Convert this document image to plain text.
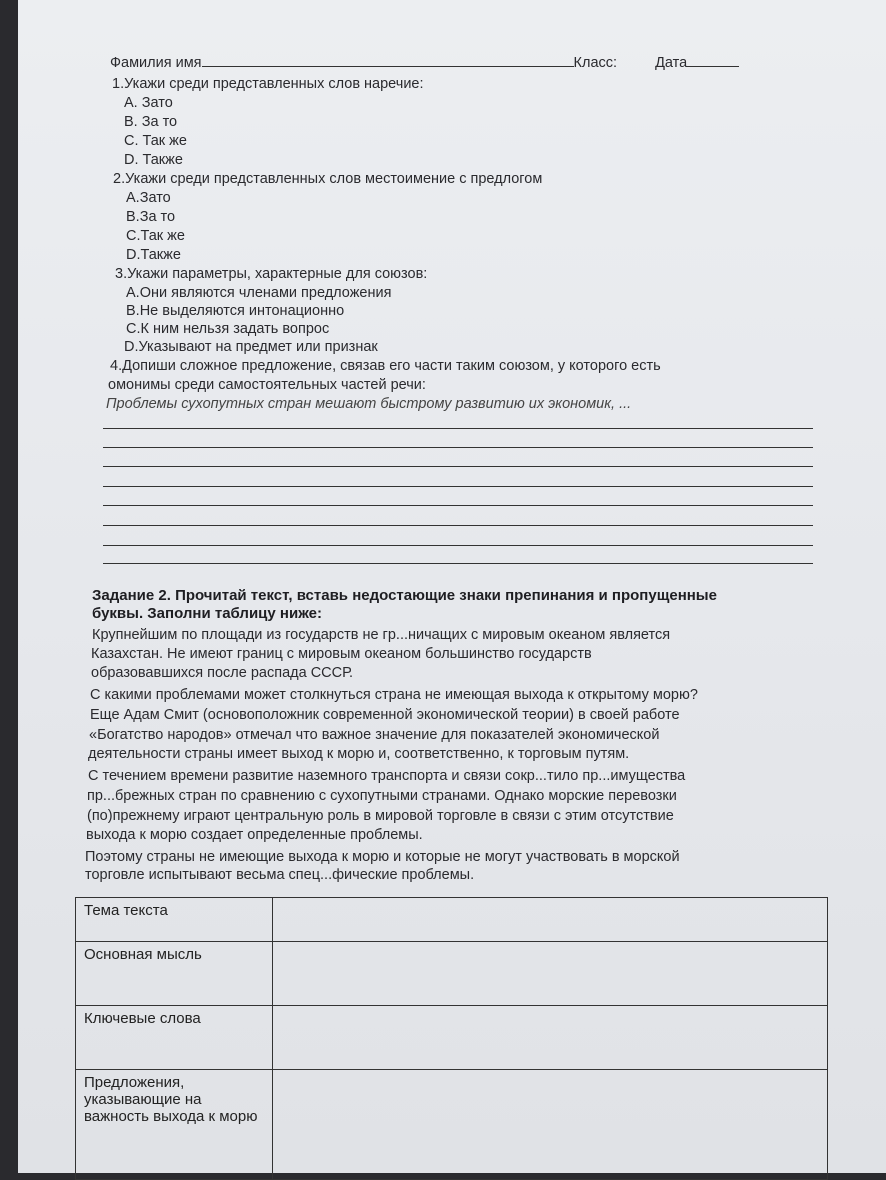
Фамилия имя	Класс:	Дата
1.Укажи среди представленных слов наречие:
A. Зато
B. За то
C. Так же
D. Также
2.Укажи среди представленных слов местоимение с предлогом
A.Зато
B.За то
C.Так же
D.Также
3.Укажи параметры, характерные для союзов:
A.Они являются членами предложения
B.Не выделяются интонационно
C.К ним нельзя задать вопрос
D.Указывают на предмет или признак
4.Допиши сложное предложение, связав его части таким союзом, у которого есть
омонимы среди самостоятельных частей речи:
Проблемы сухопутных стран мешают быстрому развитию их экономик, ...
Задание 2. Прочитай текст, вставь недостающие знаки препинания и пропущенные
буквы. Заполни таблицу ниже:
Крупнейшим по площади из государств не гр...ничащих с мировым океаном является
Казахстан. Не имеют границ с мировым океаном большинство государств
образовавшихся после распада СССР.
С какими проблемами может столкнуться страна не имеющая выхода к открытому морю?
Еще Адам Смит (основоположник современной экономической теории) в своей работе
«Богатство народов» отмечал что важное значение для показателей экономической
деятельности страны имеет выход к морю и, соответственно, к торговым путям.
С течением времени развитие наземного транспорта и связи сокр...тило пр...имущества
пр...брежных стран по сравнению с сухопутными странами. Однако морские перевозки
(по)прежнему играют центральную роль в мировой торговле в связи с этим отсутствие
выхода к морю создает определенные проблемы.
Поэтому страны не имеющие выхода к морю и которые не могут участвовать в морской
торговле испытывают весьма спец...фические проблемы.
Тема текста	
Основная мысль	
Ключевые слова	
Предложения, указывающие на важность выхода к морю	
